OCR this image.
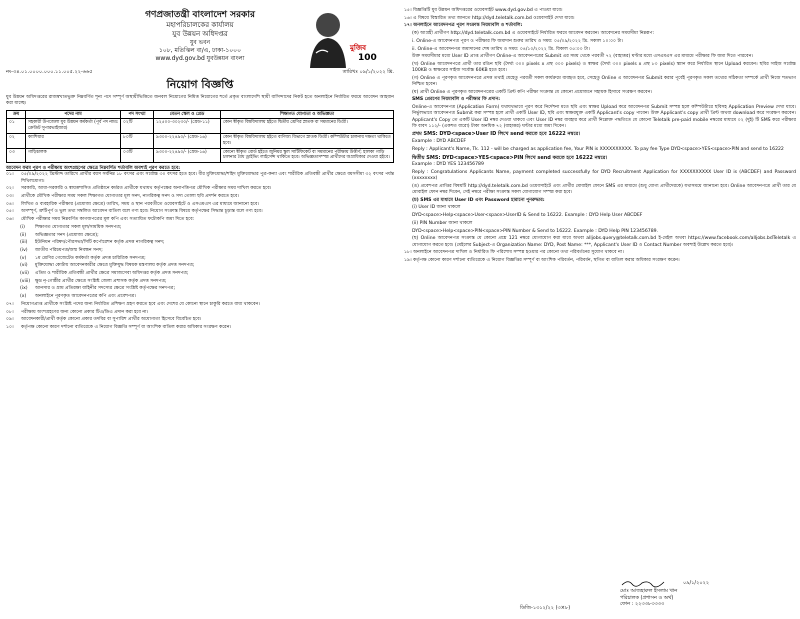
গণপ্রজাতন্ত্রী বাংলাদেশ সরকার
মহাপরিচালকের কার্যালয়
যুব উন্নয়ন অধিদপ্তর
যুব ভবন
১০৮, মতিঝিল বা/এ, ঢাকা-১০০০
www.dyd.gov.bd যুবউন্নয়ন বাংলা
মুজিব
100
নং-৩৪.০১.০০০০.০০০.১১.০০৫.২২-৬৬৫	তারিখঃ ০৯/১/২০২২ খ্রি.
নিয়োগ বিজ্ঞপ্তি

যুব উন্নয়ন অধিদপ্তরের রাজস্বখাতভুক্ত নিম্নবর্ণিত শূন্য পদে সম্পূর্ণ অস্থায়ীভিত্তিতে জনবল নিয়োগের নিমিত্ত নিয়োগের শর্তে প্রকৃত বাংলাদেশি স্থায়ী বাসিন্দাদের নিকট হতে অনলাইনে নির্ধারিত ফরমে আবেদন আহবান করা যাচ্ছে।

ক্রম	পদের নাম	পদ সংখ্যা	বেতন স্কেল ও গ্রেড	শিক্ষাগত যোগ্যতা ও অভিজ্ঞতা
০১	সহকারী উপজেলা যুব উন্নয়ন কর্মকর্তা (পূর্ব পদ নামঃ ক্রেডিট সুপারভাইজার)	০২টি	১২৫০০-৩০২৩০/- (গ্রেড-১১)	কোন স্বীকৃত বিশ্ববিদ্যালয় হইতে দ্বিতীয় শ্রেণির স্নাতক বা সমমানের ডিগ্রী।
০২	ক্যাশিয়ার	৮০টি	৯৩০০-২২৪৯০/- (গ্রেড-১৬)	কোন স্বীকৃত বিশ্ববিদ্যালয় হইতে বাণিজ্য বিভাগে স্নাতক ডিগ্রী। কম্পিউটার চালনায় দক্ষতা থাকিতে হবে।
০৩	গাড়িচালক	০৩টি	৯৩০০-২২৪৯০/- (গ্রেড-১৬)	কোনো স্বীকৃত বোর্ড হইতে জুনিয়র স্কুল সার্টিফিকেট বা সমমানের পরীক্ষায় উত্তীর্ণ; হালকা গাড়ি চালনার বৈধ ড্রাইভিং লাইসেন্স থাকিতে হবে। অভিজ্ঞতাসম্পন্ন প্রার্থীদের অগ্রাধিকার দেওয়া হইবে।
আবেদন ফরম পূরণ ও পরীক্ষায় অংশগ্রহণের ক্ষেত্রে নিম্নবর্ণিত শর্তাবলি অবশ্যই পূরণ করতে হবে:
০১।	০৫/০৯/২০২২ খ্রিস্টাব্দ তারিখে প্রার্থীর বয়স সর্বনিম্ন ১৮ বৎসর এবং সর্বোচ্চ ৩০ বৎসর হতে হবে। বীর মুক্তিযোদ্ধা/শহিদ মুক্তিযোদ্ধার পুত্র-কন্যা এবং শারীরিক প্রতিবন্ধী প্রার্থীর ক্ষেত্রে বয়সসীমা ৩২ বৎসর পর্যন্ত শিথিলযোগ্য।

০২।	সরকারি, আধা-সরকারি ও স্বায়ত্তশাসিত প্রতিষ্ঠানে কর্মরত প্রার্থীকে যথাযথ কর্তৃপক্ষের অনাপত্তিপত্র মৌখিক পরীক্ষার সময় দাখিল করতে হবে।

০৩।	প্রার্থীকে মৌখিক পরীক্ষার সময় সকল শিক্ষাগত যোগ্যতার মূল সনদ, নাগরিকত্ব সনদ ও সদ্য তোলা ছবি প্রদর্শন করতে হবে।

০৪।	লিখিত ও ব্যবহারিক পরীক্ষার (প্রযোজ্য ক্ষেত্রে) তারিখ, সময় ও স্থান পরবর্তীতে ওয়েবসাইটে ও এসএমএস এর মাধ্যমে জানানো হবে।

০৫।	অসম্পূর্ণ, ত্রুটিপূর্ণ ও ভুল তথ্য সম্বলিত আবেদন বাতিল বলে গণ্য হবে। নিয়োগ সংক্রান্ত বিষয়ে কর্তৃপক্ষের সিদ্ধান্ত চূড়ান্ত বলে গণ্য হবে।

০৬।	মৌখিক পরীক্ষার সময় নিম্নবর্ণিত কাগজপত্রের মূল কপি এবং সত্যায়িত ফটোকপি জমা দিতে হবে:

(i)	শিক্ষাগত যোগ্যতার সকল মূল/সাময়িক সনদপত্র;

(ii)	অভিজ্ঞতার সনদ (প্রযোজ্য ক্ষেত্রে);

(iii)	ইউনিয়ন পরিষদ/পৌরসভা/সিটি কর্পোরেশন কর্তৃক প্রদত্ত নাগরিকত্ব সনদ;

(iv)	জাতীয় পরিচয়পত্র/জন্ম নিবন্ধন সনদ;

(v)	১ম শ্রেণির গেজেটেড কর্মকর্তা কর্তৃক প্রদত্ত চারিত্রিক সনদপত্র;

(vi)	মুক্তিযোদ্ধা কোটায় আবেদনকারীর ক্ষেত্রে মুক্তিযুদ্ধ বিষয়ক মন্ত্রণালয় কর্তৃক প্রদত্ত সনদপত্র;

(vii)	এতিম ও শারীরিক প্রতিবন্ধী প্রার্থীর ক্ষেত্রে সমাজসেবা অধিদপ্তর কর্তৃক প্রদত্ত সনদপত্র;

(viii)	ক্ষুদ্র নৃ-গোষ্ঠীর প্রার্থীর ক্ষেত্রে সংশ্লিষ্ট জেলা প্রশাসক কর্তৃক প্রদত্ত সনদপত্র;

(ix)	আনসার ও গ্রাম প্রতিরক্ষা বাহিনীর সদস্যের ক্ষেত্রে সংশ্লিষ্ট কর্তৃপক্ষের সনদপত্র;

(x)	অনলাইনে পূরণকৃত আবেদনপত্রের কপি এবং প্রবেশপত্র।

০৭।	নিয়োগপ্রাপ্ত প্রার্থীকে সংশ্লিষ্ট পদের জন্য নির্ধারিত প্রশিক্ষণ গ্রহণ করতে হবে এবং দেশের যে কোনো স্থানে চাকুরি করতে বাধ্য থাকবেন।

০৮।	পরীক্ষায় অংশগ্রহণের জন্য কোনো প্রকার টিএ/ডিএ প্রদান করা হবে না।

০৯।	আবেদনকারী/প্রার্থী কর্তৃক কোনো প্রকার তদবির বা সুপারিশ প্রার্থীর অযোগ্যতা হিসেবে বিবেচিত হবে।

১০।	কর্তৃপক্ষ কোনো কারণ দর্শানো ব্যতিরেকে এ নিয়োগ বিজ্ঞপ্তি সম্পূর্ণ বা আংশিক বাতিল করার অধিকার সংরক্ষণ করেন।

১৫। বিজ্ঞপ্তিটি যুব উন্নয়ন অধিদপ্তরের ওয়েবসাইট www.dyd.gov.bd এ পাওয়া যাবে।

১৬। এ বিষয়ে বিস্তারিত তথ্য জানতে http://dyd.teletalk.com.bd ওয়েবসাইট দেখা যাবে।

১৭। অনলাইনে আবেদনপত্র পূরণ সংক্রান্ত নিয়মাবলি ও শর্তাবলি:

(ক) আগ্রহী প্রার্থীগণ http://dyd.teletalk.com.bd এ ওয়েবসাইটে নির্ধারিত ফরমে আবেদন করবেন। আবেদনের সময়সীমা নিম্নরূপ:

i. Online-এ আবেদনপত্র পূরণ ও পরীক্ষার ফি জমাদান শুরুর তারিখ ও সময়: ০৫/০৯/২০২২ খ্রি. সকাল ১০:০০ টা।

ii. Online-এ আবেদনপত্র জমাদানের শেষ তারিখ ও সময়: ০৪/১০/২০২২ খ্রি. বিকাল ০৫:০০ টা।

উক্ত সময়সীমার মধ্যে User ID প্রাপ্ত প্রার্থীগণ Online-এ আবেদনপত্রের Submit এর সময় থেকে পরবর্তী ৭২ (বাহাত্তর) ঘণ্টার মধ্যে এসএমএস এর মাধ্যমে পরীক্ষার ফি জমা দিতে পারবেন।

(খ) Online আবেদনপত্রে প্রার্থী তার রঙিন ছবি (দৈর্ঘ্য ৩০০ pixels x প্রস্থ ৩০০ pixels) ও স্বাক্ষর (দৈর্ঘ্য ৩০০ pixels x প্রস্থ ৮০ pixels) স্ক্যান করে নির্ধারিত স্থানে Upload করবেন। ছবির সাইজ সর্বোচ্চ 100KB ও স্বাক্ষরের সাইজ সর্বোচ্চ 60KB হতে হবে।

(গ) Online এ পূরণকৃত আবেদনপত্রে প্রদত্ত তথ্যই যেহেতু পরবর্তী সকল কার্যক্রমে ব্যবহৃত হবে, সেহেতু Online এ আবেদনপত্র Submit করার পূর্বেই পূরণকৃত সকল তথ্যের সঠিকতা সম্পর্কে প্রার্থী নিজে শতভাগ নিশ্চিত হবেন।

(ঘ) প্রার্থী Online এ পূরণকৃত আবেদনপত্রের একটি প্রিন্ট কপি পরীক্ষা সংক্রান্ত যে কোনো প্রয়োজনে সহায়ক হিসাবে সংরক্ষণ করবেন।

SMS প্রেরণের নিয়মাবলি ও পরীক্ষার ফি প্রদান:

Online-এ আবেদনপত্র (Application Form) যথাযথভাবে পূরণ করে নির্দেশনা মতে ছবি এবং স্বাক্ষর Upload করে আবেদনপত্র Submit সম্পন্ন হলে কম্পিউটারে ছবিসহ Application Preview দেখা যাবে। নির্ভুলভাবে আবেদনপত্র Submit করা সম্পন্ন হলে প্রার্থী একটি User ID, ছবি এবং স্বাক্ষরযুক্ত একটি Applicant's copy পাবেন। উক্ত Applicant's copy প্রার্থী প্রিন্ট অথবা download করে সংরক্ষণ করবেন। Applicant's Copy তে একটি User ID নম্বর দেওয়া থাকবে এবং User ID নম্বর ব্যবহার করে প্রার্থী নিম্নোক্ত পদ্ধতিতে যে কোনো Teletalk pre-paid mobile নম্বরের মাধ্যমে ০২ (দুই) টি SMS করে পরীক্ষার ফি বাবদ ১১২/- (একশত বারো) টাকা অনধিক ৭২ (বাহাত্তর) ঘণ্টার মধ্যে জমা দিবেন।

প্রথম SMS: DYD<space>User ID লিখে send করতে হবে 16222 নম্বরে।

Example : DYD ABCDEF

Reply : Applicant's Name, Tk. 112 - will be charged as application fee, Your PIN is XXXXXXXXXX. To pay fee Type DYD<space>YES<space>PIN and send to 16222

দ্বিতীয় SMS: DYD<space>YES<space>PIN লিখে send করতে হবে 16222 নম্বরে।

Example : DYD YES 123456789

Reply : Congratulations Applicants Name, payment completed successfully for DYD Recruitment Application for XXXXXXXXXX User ID is (ABCDEF) and Password (xxxxxxxx)

(ঙ) প্রবেশপত্র প্রাপ্তির বিষয়টি http://dyd.teletalk.com.bd ওয়েবসাইটে এবং প্রার্থীর মোবাইল ফোনে SMS এর মাধ্যমে (শুধু যোগ্য প্রার্থীদেরকে) যথাসময়ে জানানো হবে। Online আবেদনপত্রে প্রার্থী তার যে মোবাইল ফোন নম্বর দিবেন, সেই নম্বরে পরীক্ষা সংক্রান্ত সকল যোগাযোগ সম্পন্ন করা হবে।

(চ) SMS এর মাধ্যমে User ID এবং Password হারানো পুনরুদ্ধার:

(i) User ID জানা থাকলে

DYD<space>Help<space>User<space>UserID & Send to 16222. Example : DYD Help User ABCDEF

(ii) PIN Number জানা থাকলে

DYD<space>Help<space>PIN<space>PIN Number & Send to 16222. Example : DYD Help PIN 123456789.

(ছ) Online আবেদনপত্র সংক্রান্ত যে কোনো প্রশ্নে 121 নম্বরে যোগাযোগ করা যাবে অথবা alljobs.query@teletalk.com.bd ই-মেইল অথবা https://www.facebook.com/alljobs.bdTeletalk এ যোগাযোগ করতে হবে। (মেইলের Subject-এ Organization Name: DYD, Post Name: ***, Applicant's User ID ও Contact Number অবশ্যই উল্লেখ করতে হবে)।

১৮। অনলাইনে আবেদনপত্র দাখিল ও নির্ধারিত ফি পরিশোধ সম্পন্ন হওয়ার পর কোনো তথ্য পরিবর্তনের সুযোগ থাকবে না।

১৯। কর্তৃপক্ষ কোনো কারণ দর্শানো ব্যতিরেকে এ নিয়োগ বিজ্ঞপ্তির সম্পূর্ণ বা আংশিক পরিবর্তন, পরিবর্ধন, স্থগিত বা বাতিল করার অধিকার সংরক্ষণ করেন।

০৯/১/২০২২
মোঃ আজহারুল ইসলাম খান
পরিচালক (প্রশাসন ও অর্থ)
ফোন : ২২৩৩৮৩৩৩৩
ডিজি-১৩১২/২২ (৩×৮)
